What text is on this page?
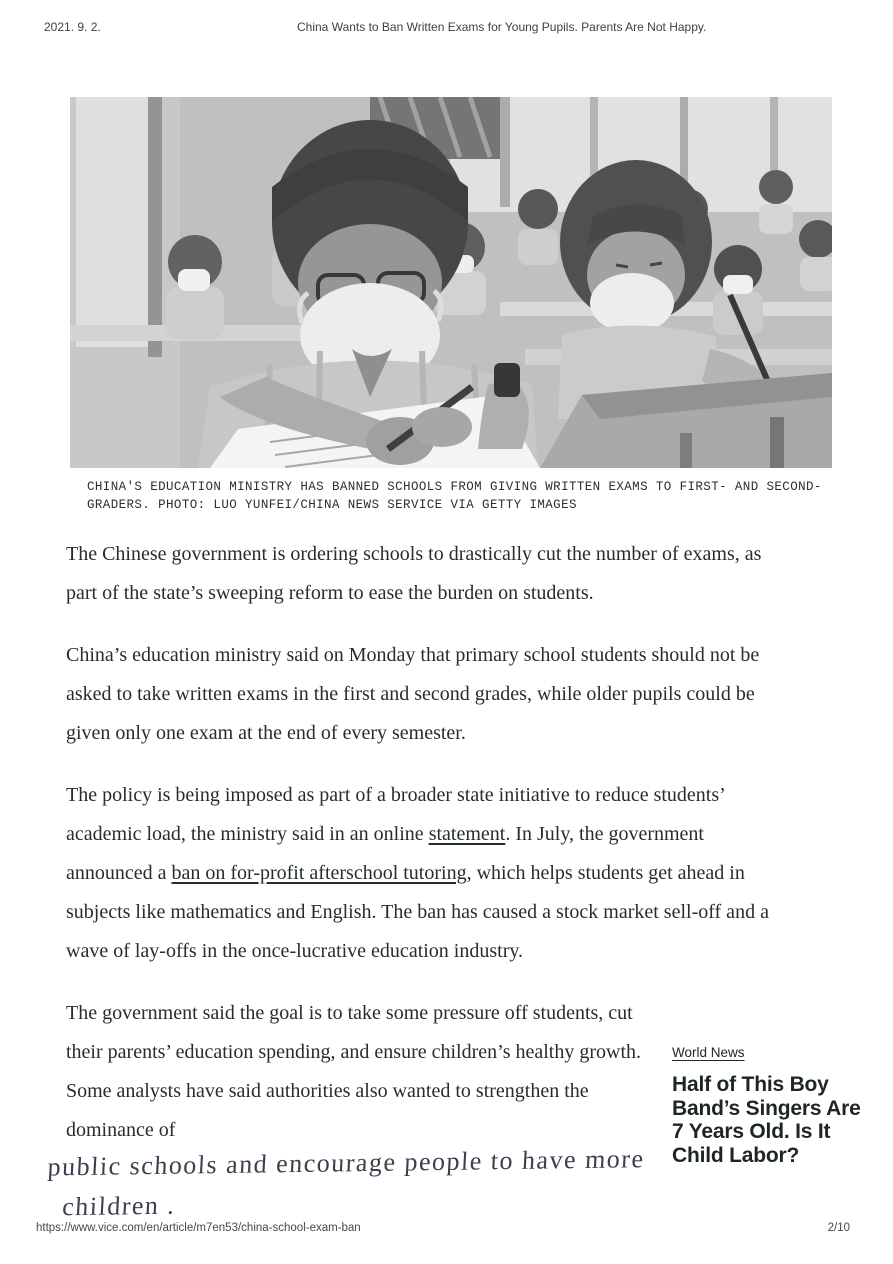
2021. 9. 2.	China Wants to Ban Written Exams for Young Pupils. Parents Are Not Happy.
CHINA'S EDUCATION MINISTRY HAS BANNED SCHOOLS FROM GIVING WRITTEN EXAMS TO FIRST- AND SECOND-GRADERS. PHOTO: LUO YUNFEI/CHINA NEWS SERVICE VIA GETTY IMAGES

The Chinese government is ordering schools to drastically cut the number of exams, as part of the state’s sweeping reform to ease the burden on students.

China’s education ministry said on Monday that primary school students should not be asked to take written exams in the first and second grades, while older pupils could be given only one exam at the end of every semester.

The policy is being imposed as part of a broader state initiative to reduce students’ academic load, the ministry said in an online statement. In July, the government announced a ban on for-profit afterschool tutoring, which helps students get ahead in subjects like mathematics and English. The ban has caused a stock market sell-off and a wave of lay-offs in the once-lucrative education industry.

The government said the goal is to take some pressure off students, cut their parents’ education spending, and ensure children’s healthy growth. Some analysts have said authorities also wanted to strengthen the dominance of

World News
Half of This Boy Band’s Singers Are 7 Years Old. Is It Child Labor?
public schools and encourage people to have more
children .
https://www.vice.com/en/article/m7en53/china-school-exam-ban	2/10
